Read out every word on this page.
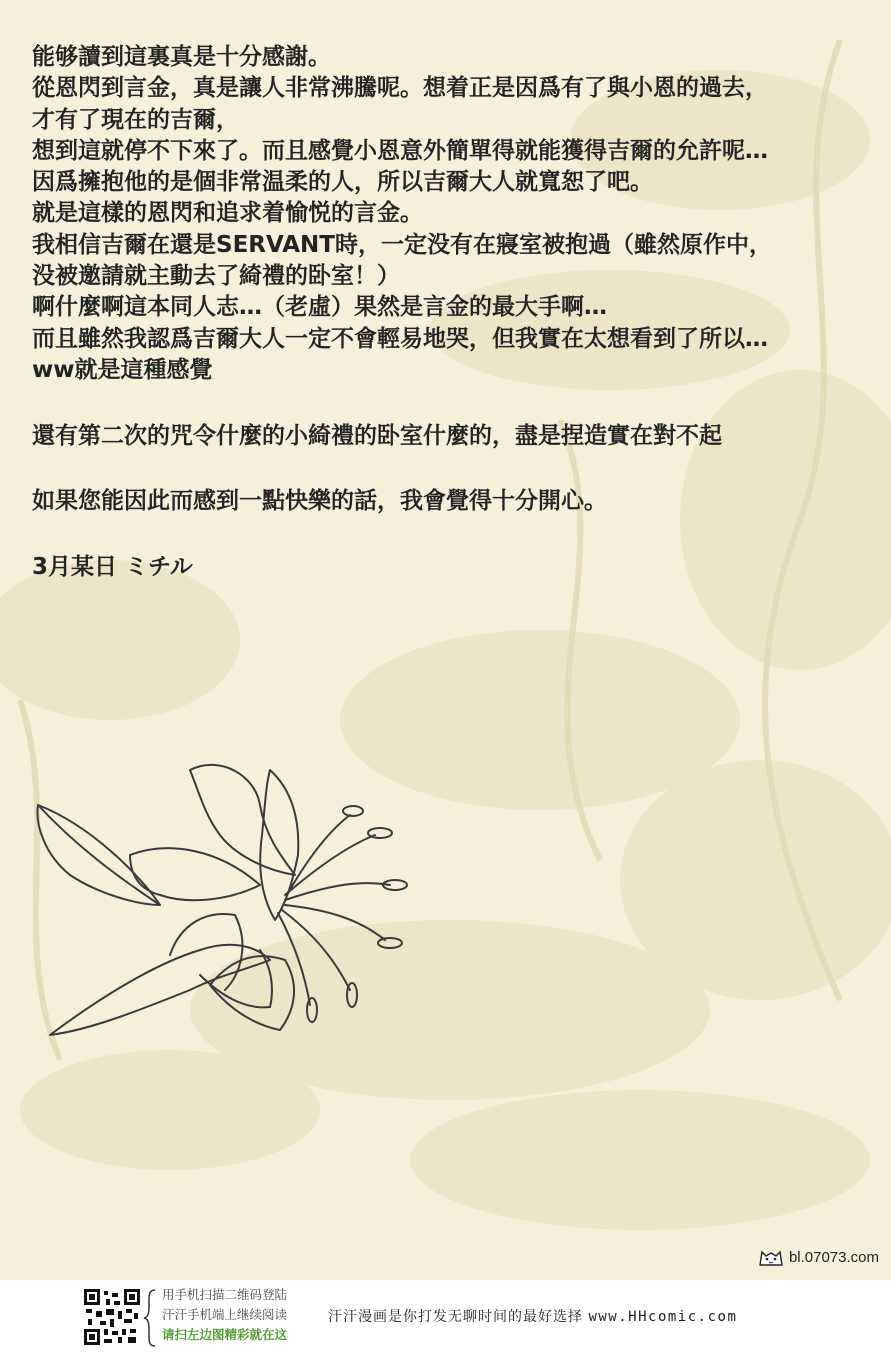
能够讀到這裏真是十分感謝。
從恩閃到言金，真是讓人非常沸騰呢。想着正是因爲有了與小恩的過去，
才有了現在的吉爾，
想到這就停不下來了。而且感覺小恩意外簡單得就能獲得吉爾的允許呢…
因爲擁抱他的是個非常温柔的人，所以吉爾大人就寬恕了吧。
就是這樣的恩閃和追求着愉悦的言金。
我相信吉爾在還是SERVANT時，一定没有在寢室被抱過（雖然原作中，
没被邀請就主動去了綺禮的卧室！）
啊什麼啊這本同人志…（老虛）果然是言金的最大手啊…
而且雖然我認爲吉爾大人一定不會輕易地哭，但我實在太想看到了所以…
ww就是這種感覺
還有第二次的咒令什麼的小綺禮的卧室什麼的，盡是捏造實在對不起
如果您能因此而感到一點快樂的話，我會覺得十分開心。
3月某日 ミチル
bl.07073.com
用手机扫描二维码登陆
汗汗手机端上继续阅读
请扫左边图精彩就在这
汗汗漫画是你打发无聊时间的最好选择 www.HHcomic.com
